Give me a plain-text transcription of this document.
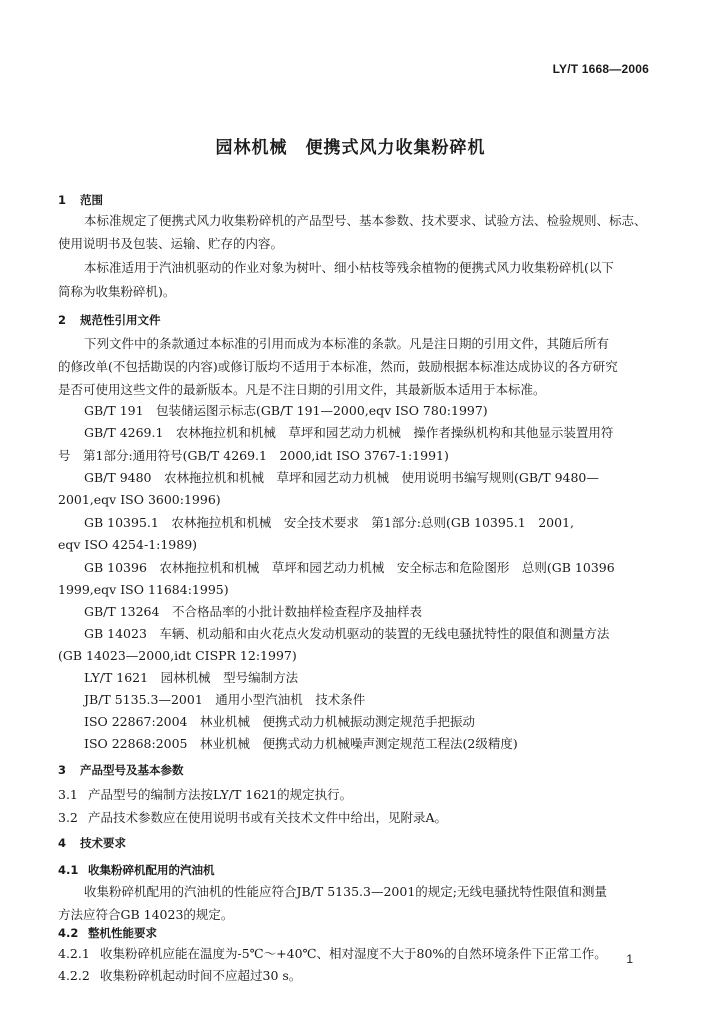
LY/T 1668—2006
园林机械　便携式风力收集粉碎机
1 范围
本标准规定了便携式风力收集粉碎机的产品型号、基本参数、技术要求、试验方法、检验规则、标志、
使用说明书及包装、运输、贮存的内容。
本标准适用于汽油机驱动的作业对象为树叶、细小枯枝等残余植物的便携式风力收集粉碎机(以下
简称为收集粉碎机)。
2 规范性引用文件
下列文件中的条款通过本标准的引用而成为本标准的条款。凡是注日期的引用文件，其随后所有
的修改单(不包括勘误的内容)或修订版均不适用于本标准，然而，鼓励根据本标准达成协议的各方研究
是否可使用这些文件的最新版本。凡是不注日期的引用文件，其最新版本适用于本标准。
GB/T 191　包装储运图示标志(GB/T 191—2000,eqv ISO 780:1997)
GB/T 4269.1　农林拖拉机和机械　草坪和园艺动力机械　操作者操纵机构和其他显示装置用符
号　第1部分:通用符号(GB/T 4269.1　2000,idt ISO 3767-1:1991)
GB/T 9480　农林拖拉机和机械　草坪和园艺动力机械　使用说明书编写规则(GB/T 9480—
2001,eqv ISO 3600:1996)
GB 10395.1　农林拖拉机和机械　安全技术要求　第1部分:总则(GB 10395.1　2001,
eqv ISO 4254-1:1989)
GB 10396　农林拖拉机和机械　草坪和园艺动力机械　安全标志和危险图形　总则(GB 10396
1999,eqv ISO 11684:1995)
GB/T 13264　不合格品率的小批计数抽样检查程序及抽样表
GB 14023　车辆、机动船和由火花点火发动机驱动的装置的无线电骚扰特性的限值和测量方法
(GB 14023—2000,idt CISPR 12:1997)
LY/T 1621　园林机械　型号编制方法
JB/T 5135.3—2001　通用小型汽油机　技术条件
ISO 22867:2004　林业机械　便携式动力机械振动测定规范手把振动
ISO 22868:2005　林业机械　便携式动力机械噪声测定规范工程法(2级精度)
3 产品型号及基本参数
3.1 产品型号的编制方法按LY/T 1621的规定执行。
3.2 产品技术参数应在使用说明书或有关技术文件中给出，见附录A。
4 技术要求
4.1 收集粉碎机配用的汽油机
收集粉碎机配用的汽油机的性能应符合JB/T 5135.3—2001的规定;无线电骚扰特性限值和测量
方法应符合GB 14023的规定。
4.2 整机性能要求
4.2.1 收集粉碎机应能在温度为-5℃～+40℃、相对湿度不大于80%的自然环境条件下正常工作。
4.2.2 收集粉碎机起动时间不应超过30 s。
1
